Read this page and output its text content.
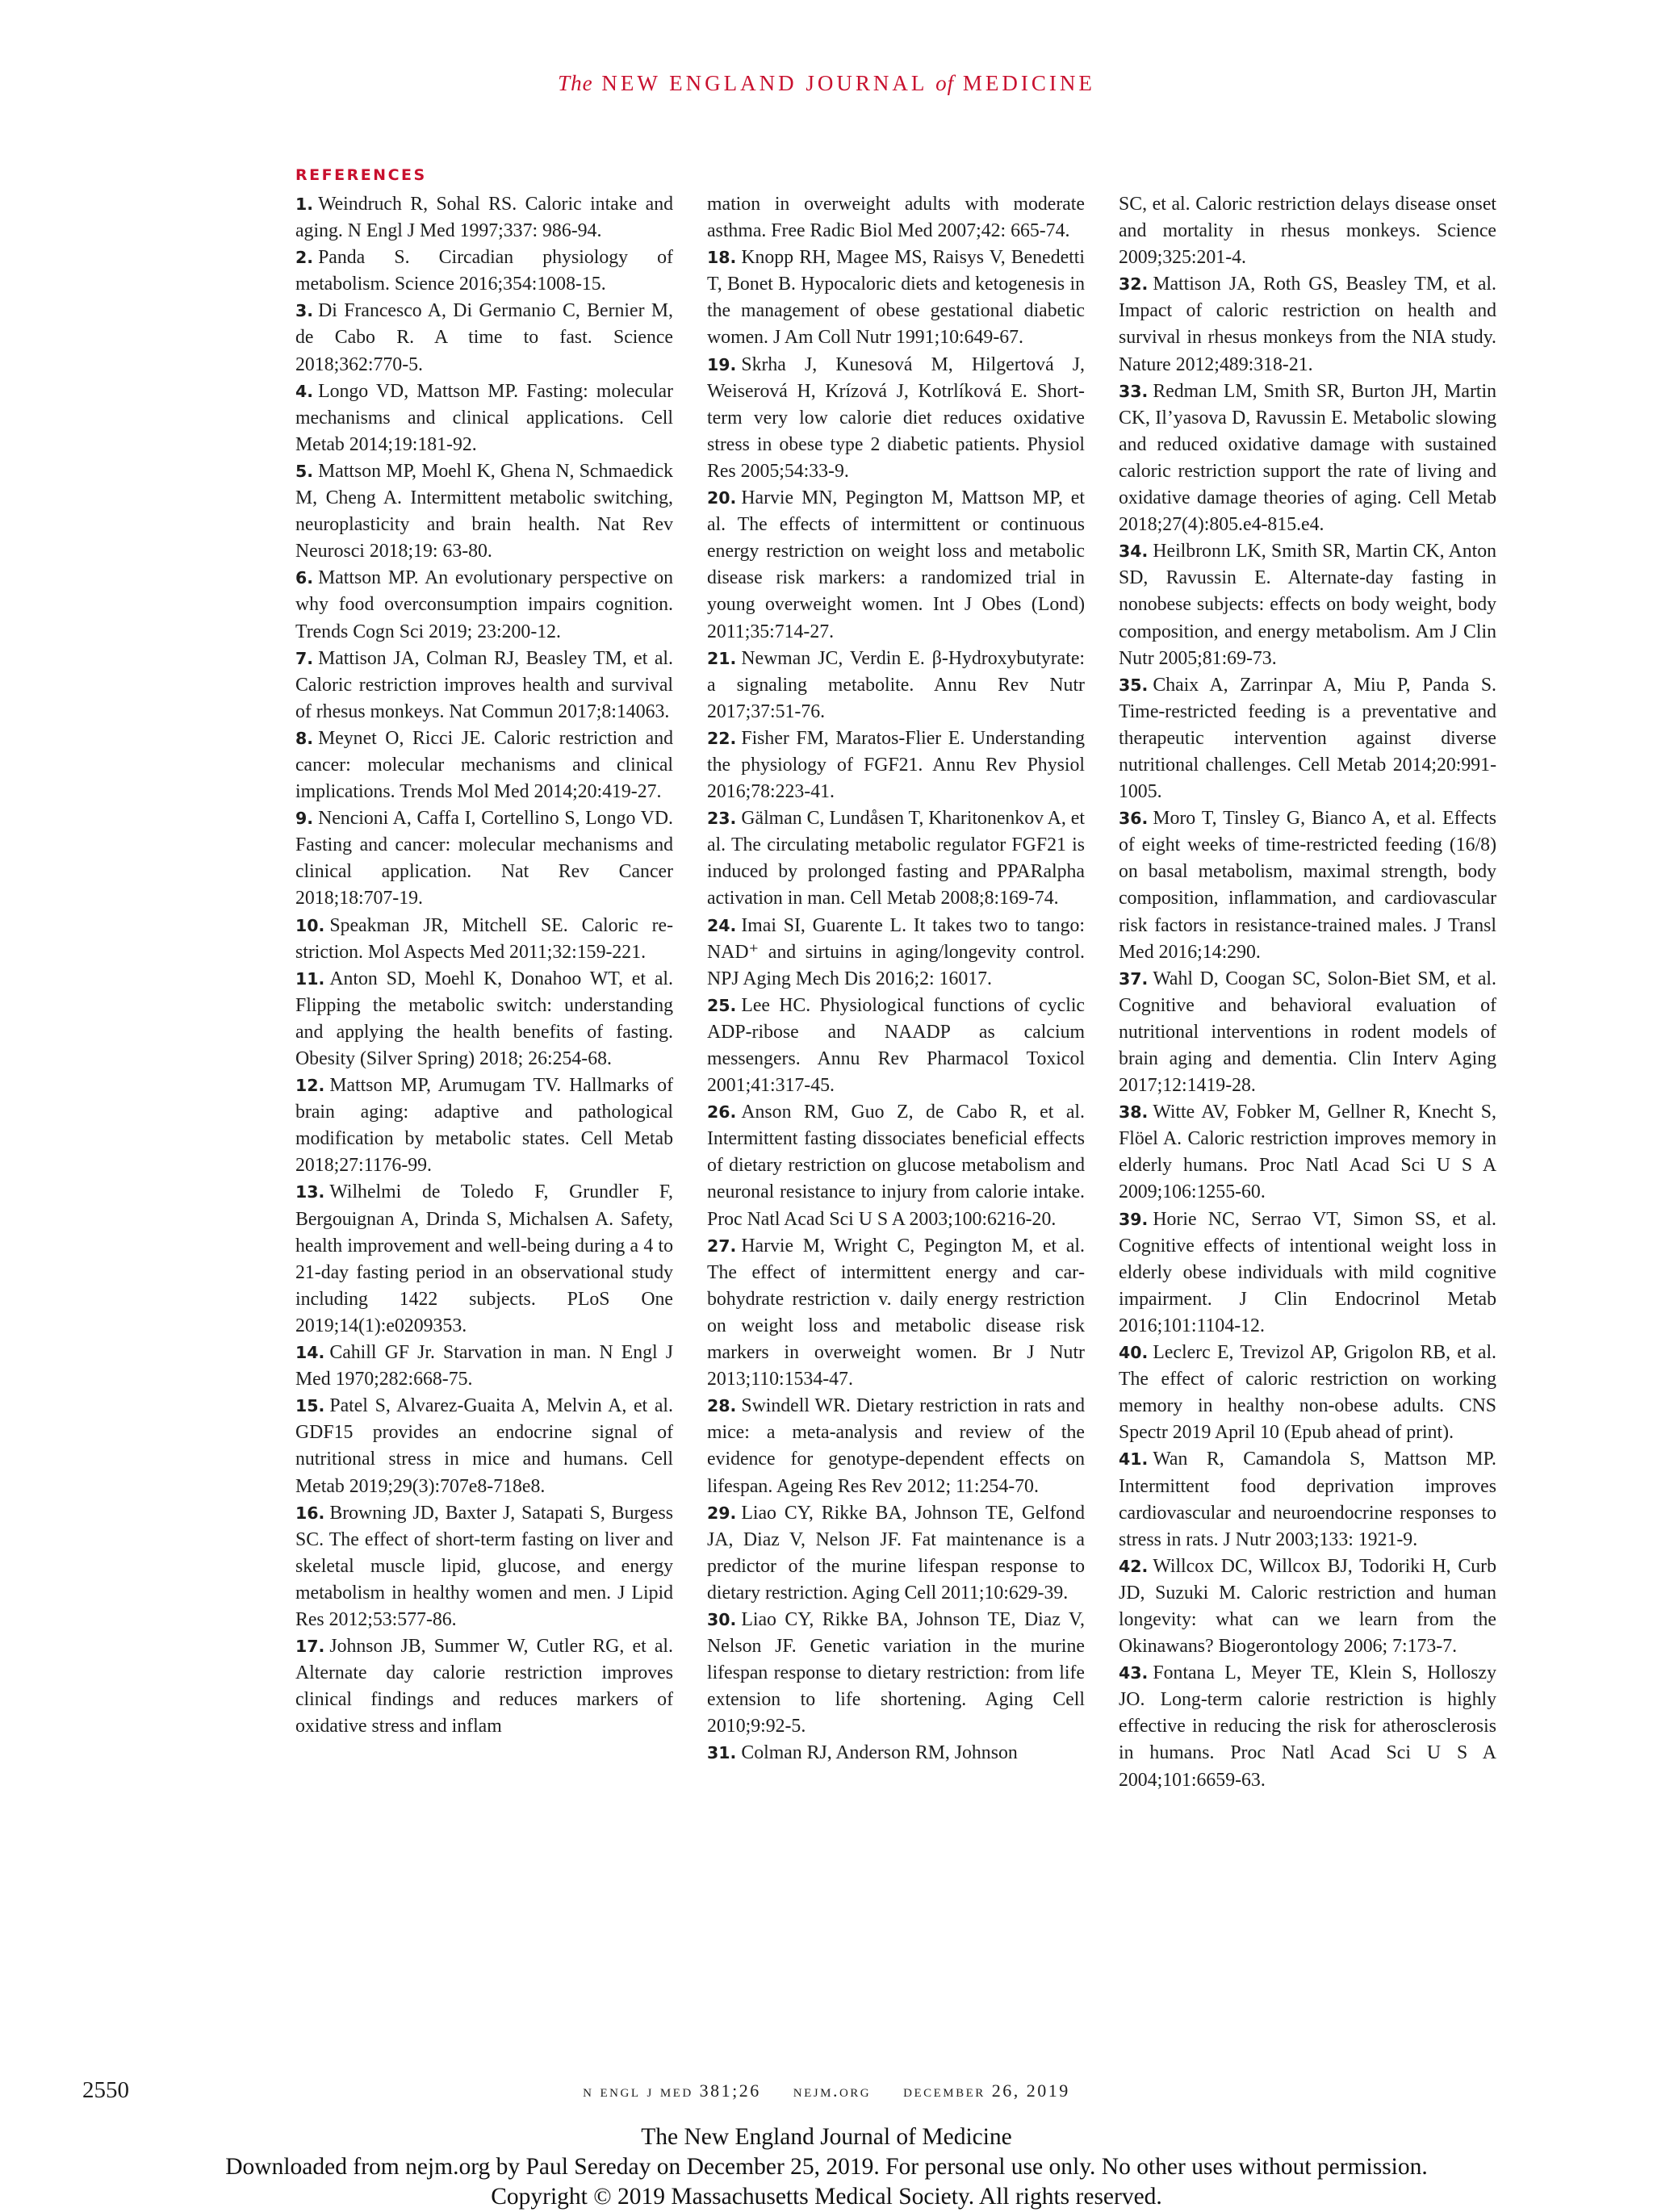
The NEW ENGLAND JOURNAL of MEDICINE
REFERENCES

1. Weindruch R, Sohal RS. Caloric intake and aging. N Engl J Med 1997;337: 986-94.

2. Panda S. Circadian physiology of metabolism. Science 2016;354:1008-15.

3. Di Francesco A, Di Germanio C, Bernier M, de Cabo R. A time to fast. Science 2018;362:770-5.

4. Longo VD, Mattson MP. Fasting: molecular mechanisms and clinical applications. Cell Metab 2014;19:181-92.

5. Mattson MP, Moehl K, Ghena N, Schmaedick M, Cheng A. Intermittent metabolic switching, neuroplasticity and brain health. Nat Rev Neurosci 2018;19: 63-80.

6. Mattson MP. An evolutionary perspective on why food overconsumption impairs cognition. Trends Cogn Sci 2019; 23:200-12.

7. Mattison JA, Colman RJ, Beasley TM, et al. Caloric restriction improves health and survival of rhesus monkeys. Nat Commun 2017;8:14063.

8. Meynet O, Ricci JE. Caloric restriction and cancer: molecular mechanisms and clinical implications. Trends Mol Med 2014;20:419-27.

9. Nencioni A, Caffa I, Cortellino S, Longo VD. Fasting and cancer: molecular mechanisms and clinical application. Nat Rev Cancer 2018;18:707-19.

10. Speakman JR, Mitchell SE. Caloric restriction. Mol Aspects Med 2011;32:159-221.

11. Anton SD, Moehl K, Donahoo WT, et al. Flipping the metabolic switch: understanding and applying the health benefits of fasting. Obesity (Silver Spring) 2018; 26:254-68.

12. Mattson MP, Arumugam TV. Hallmarks of brain aging: adaptive and pathological modification by metabolic states. Cell Metab 2018;27:1176-99.

13. Wilhelmi de Toledo F, Grundler F, Bergouignan A, Drinda S, Michalsen A. Safety, health improvement and well-being during a 4 to 21-day fasting period in an observational study including 1422 subjects. PLoS One 2019;14(1):e0209353.

14. Cahill GF Jr. Starvation in man. N Engl J Med 1970;282:668-75.

15. Patel S, Alvarez-Guaita A, Melvin A, et al. GDF15 provides an endocrine signal of nutritional stress in mice and humans. Cell Metab 2019;29(3):707e8-718e8.

16. Browning JD, Baxter J, Satapati S, Burgess SC. The effect of short-term fasting on liver and skeletal muscle lipid, glucose, and energy metabolism in healthy women and men. J Lipid Res 2012;53:577-86.

17. Johnson JB, Summer W, Cutler RG, et al. Alternate day calorie restriction improves clinical findings and reduces markers of oxidative stress and inflam

mation in overweight adults with moderate asthma. Free Radic Biol Med 2007;42: 665-74.

18. Knopp RH, Magee MS, Raisys V, Benedetti T, Bonet B. Hypocaloric diets and ketogenesis in the management of obese gestational diabetic women. J Am Coll Nutr 1991;10:649-67.

19. Skrha J, Kunesová M, Hilgertová J, Weiserová H, Krízová J, Kotrlíková E. Short-term very low calorie diet reduces oxidative stress in obese type 2 diabetic patients. Physiol Res 2005;54:33-9.

20. Harvie MN, Pegington M, Mattson MP, et al. The effects of intermittent or continuous energy restriction on weight loss and metabolic disease risk markers: a randomized trial in young overweight women. Int J Obes (Lond) 2011;35:714-27.

21. Newman JC, Verdin E. β-Hydroxybutyrate: a signaling metabolite. Annu Rev Nutr 2017;37:51-76.

22. Fisher FM, Maratos-Flier E. Understanding the physiology of FGF21. Annu Rev Physiol 2016;78:223-41.

23. Gälman C, Lundåsen T, Kharitonenkov A, et al. The circulating metabolic regulator FGF21 is induced by prolonged fasting and PPARalpha activation in man. Cell Metab 2008;8:169-74.

24. Imai SI, Guarente L. It takes two to tango: NAD⁺ and sirtuins in aging/longevity control. NPJ Aging Mech Dis 2016;2: 16017.

25. Lee HC. Physiological functions of cyclic ADP-ribose and NAADP as calcium messengers. Annu Rev Pharmacol Toxicol 2001;41:317-45.

26. Anson RM, Guo Z, de Cabo R, et al. Intermittent fasting dissociates beneficial effects of dietary restriction on glucose metabolism and neuronal resistance to injury from calorie intake. Proc Natl Acad Sci U S A 2003;100:6216-20.

27. Harvie M, Wright C, Pegington M, et al. The effect of intermittent energy and carbohydrate restriction v. daily energy restriction on weight loss and metabolic disease risk markers in overweight women. Br J Nutr 2013;110:1534-47.

28. Swindell WR. Dietary restriction in rats and mice: a meta-analysis and review of the evidence for genotype-dependent effects on lifespan. Ageing Res Rev 2012; 11:254-70.

29. Liao CY, Rikke BA, Johnson TE, Gelfond JA, Diaz V, Nelson JF. Fat maintenance is a predictor of the murine lifespan response to dietary restriction. Aging Cell 2011;10:629-39.

30. Liao CY, Rikke BA, Johnson TE, Diaz V, Nelson JF. Genetic variation in the murine lifespan response to dietary restriction: from life extension to life shortening. Aging Cell 2010;9:92-5.

31. Colman RJ, Anderson RM, Johnson

SC, et al. Caloric restriction delays disease onset and mortality in rhesus monkeys. Science 2009;325:201-4.

32. Mattison JA, Roth GS, Beasley TM, et al. Impact of caloric restriction on health and survival in rhesus monkeys from the NIA study. Nature 2012;489:318-21.

33. Redman LM, Smith SR, Burton JH, Martin CK, Il’yasova D, Ravussin E. Metabolic slowing and reduced oxidative damage with sustained caloric restriction support the rate of living and oxidative damage theories of aging. Cell Metab 2018;27(4):805.e4-815.e4.

34. Heilbronn LK, Smith SR, Martin CK, Anton SD, Ravussin E. Alternate-day fasting in nonobese subjects: effects on body weight, body composition, and energy metabolism. Am J Clin Nutr 2005;81:69-73.

35. Chaix A, Zarrinpar A, Miu P, Panda S. Time-restricted feeding is a preventative and therapeutic intervention against diverse nutritional challenges. Cell Metab 2014;20:991-1005.

36. Moro T, Tinsley G, Bianco A, et al. Effects of eight weeks of time-restricted feeding (16/8) on basal metabolism, maximal strength, body composition, inflammation, and cardiovascular risk factors in resistance-trained males. J Transl Med 2016;14:290.

37. Wahl D, Coogan SC, Solon-Biet SM, et al. Cognitive and behavioral evaluation of nutritional interventions in rodent models of brain aging and dementia. Clin Interv Aging 2017;12:1419-28.

38. Witte AV, Fobker M, Gellner R, Knecht S, Flöel A. Caloric restriction improves memory in elderly humans. Proc Natl Acad Sci U S A 2009;106:1255-60.

39. Horie NC, Serrao VT, Simon SS, et al. Cognitive effects of intentional weight loss in elderly obese individuals with mild cognitive impairment. J Clin Endocrinol Metab 2016;101:1104-12.

40. Leclerc E, Trevizol AP, Grigolon RB, et al. The effect of caloric restriction on working memory in healthy non-obese adults. CNS Spectr 2019 April 10 (Epub ahead of print).

41. Wan R, Camandola S, Mattson MP. Intermittent food deprivation improves cardiovascular and neuroendocrine responses to stress in rats. J Nutr 2003;133: 1921-9.

42. Willcox DC, Willcox BJ, Todoriki H, Curb JD, Suzuki M. Caloric restriction and human longevity: what can we learn from the Okinawans? Biogerontology 2006; 7:173-7.

43. Fontana L, Meyer TE, Klein S, Holloszy JO. Long-term calorie restriction is highly effective in reducing the risk for atherosclerosis in humans. Proc Natl Acad Sci U S A 2004;101:6659-63.

2550	n engl j med 381;26 nejm.org december 26, 2019
The New England Journal of Medicine
Downloaded from nejm.org by Paul Sereday on December 25, 2019. For personal use only. No other uses without permission.
Copyright © 2019 Massachusetts Medical Society. All rights reserved.
